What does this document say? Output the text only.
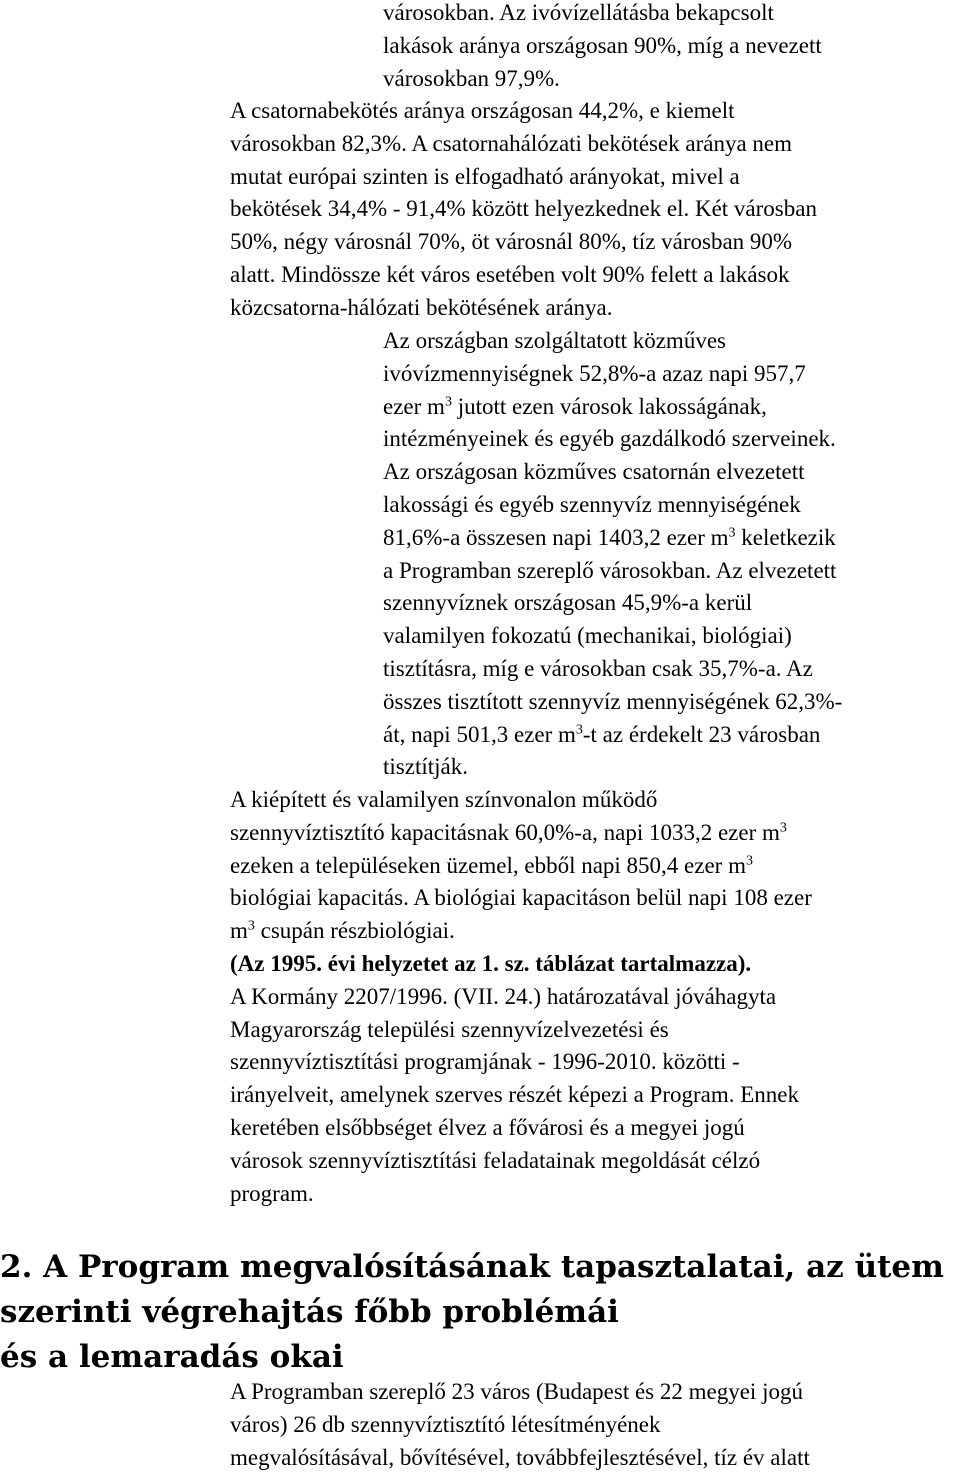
városokban. Az ivóvízellátásba bekapcsolt
lakások aránya országosan 90%, míg a nevezett
városokban 97,9%.

A csatornabekötés aránya országosan 44,2%, e kiemelt
városokban 82,3%. A csatornahálózati bekötések aránya nem
mutat európai szinten is elfogadható arányokat, mivel a
bekötések 34,4% - 91,4% között helyezkednek el. Két városban
50%, négy városnál 70%, öt városnál 80%, tíz városban 90%
alatt. Mindössze két város esetében volt 90% felett a lakások
közcsatorna-hálózati bekötésének aránya.

Az országban szolgáltatott közműves
ivóvízmennyiségnek 52,8%-a azaz napi 957,7
ezer $m^3$ jutott ezen városok lakosságának,
intézményeinek és egyéb gazdálkodó szerveinek.
Az országosan közműves csatornán elvezetett
lakossági és egyéb szennyvíz mennyiségének
81,6%-a összesen napi 1403,2 ezer $m^3$ keletkezik
a Programban szereplő városokban. Az elvezetett
szennyvíznek országosan 45,9%-a kerül
valamilyen fokozatú (mechanikai, biológiai)
tisztításra, míg e városokban csak 35,7%-a. Az
összes tisztított szennyvíz mennyiségének 62,3%-
át, napi 501,3 ezer $m^3-t$ az érdekelt 23 városban
tisztítják.

A kiépített és valamilyen színvonalon működő
szennyvíztisztító kapacitásnak 60,0%-a, napi 1033,2 ezer $m^3$
ezeken a településeken üzemel, ebből napi 850,4 ezer $m^3$
biológiai kapacitás. A biológiai kapacitáson belül napi 108 ezer
$m^3$ csupán részbiológiai.
(Az 1995. évi helyzetet az 1. sz. táblázat tartalmazza).
A Kormány 2207/1996. (VII. 24.) határozatával jóváhagyta
Magyarország települési szennyvízelvezetési és
szennyvíztisztítási programjának - 1996-2010. közötti -
irányelveit, amelynek szerves részét képezi a Program. Ennek
keretében elsőbbséget élvez a fővárosi és a megyei jogú
városok szennyvíztisztítási feladatainak megoldását célzó
program.

2. A Program megvalósításának tapasztalatai, az ütem
szerinti végrehajtás főbb problémái
és a lemaradás okai

A Programban szereplő 23 város (Budapest és 22 megyei jogú
város) 26 db szennyvíztisztító létesítményének
megvalósításával, bővítésével, továbbfejlesztésével, tíz év alatt
